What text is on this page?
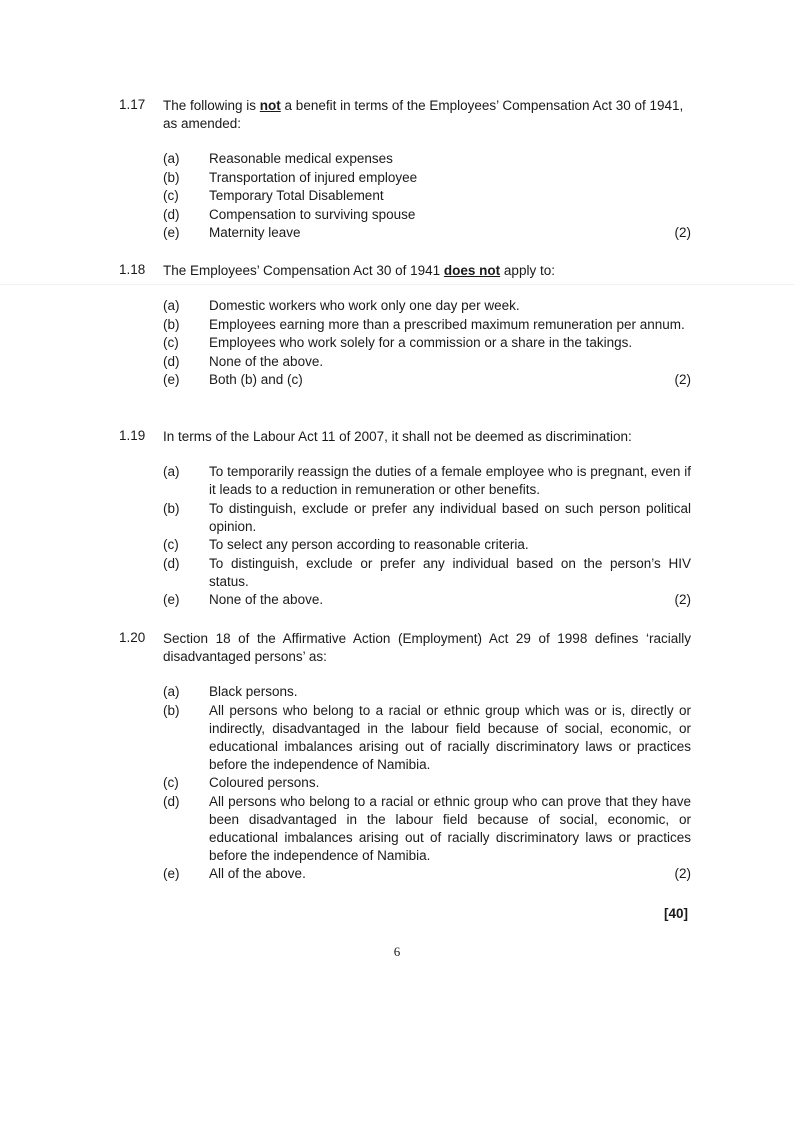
1.17	The following is not a benefit in terms of the Employees’ Compensation Act 30 of 1941, as amended:
(a)	Reasonable medical expenses
(b)	Transportation of injured employee
(c)	Temporary Total Disablement
(d)	Compensation to surviving spouse
(e)	Maternity leave	(2)
1.18	The Employees’ Compensation Act 30 of 1941 does not apply to:
(a)	Domestic workers who work only one day per week.
(b)	Employees earning more than a prescribed maximum remuneration per annum.
(c)	Employees who work solely for a commission or a share in the takings.
(d)	None of the above.
(e)	Both (b) and (c)	(2)
1.19	In terms of the Labour Act 11 of 2007, it shall not be deemed as discrimination:
(a)	To temporarily reassign the duties of a female employee who is pregnant, even if it leads to a reduction in remuneration or other benefits.
(b)	To distinguish, exclude or prefer any individual based on such person political opinion.
(c)	To select any person according to reasonable criteria.
(d)	To distinguish, exclude or prefer any individual based on the person’s HIV status.
(e)	None of the above.	(2)
1.20	Section 18 of the Affirmative Action (Employment) Act 29 of 1998 defines ‘racially disadvantaged persons’ as:
(a)	Black persons.
(b)	All persons who belong to a racial or ethnic group which was or is, directly or indirectly, disadvantaged in the labour field because of social, economic, or educational imbalances arising out of racially discriminatory laws or practices before the independence of Namibia.
(c)	Coloured persons.
(d)	All persons who belong to a racial or ethnic group who can prove that they have been disadvantaged in the labour field because of social, economic, or educational imbalances arising out of racially discriminatory laws or practices before the independence of Namibia.
(e)	All of the above.	(2)
[40]
6
